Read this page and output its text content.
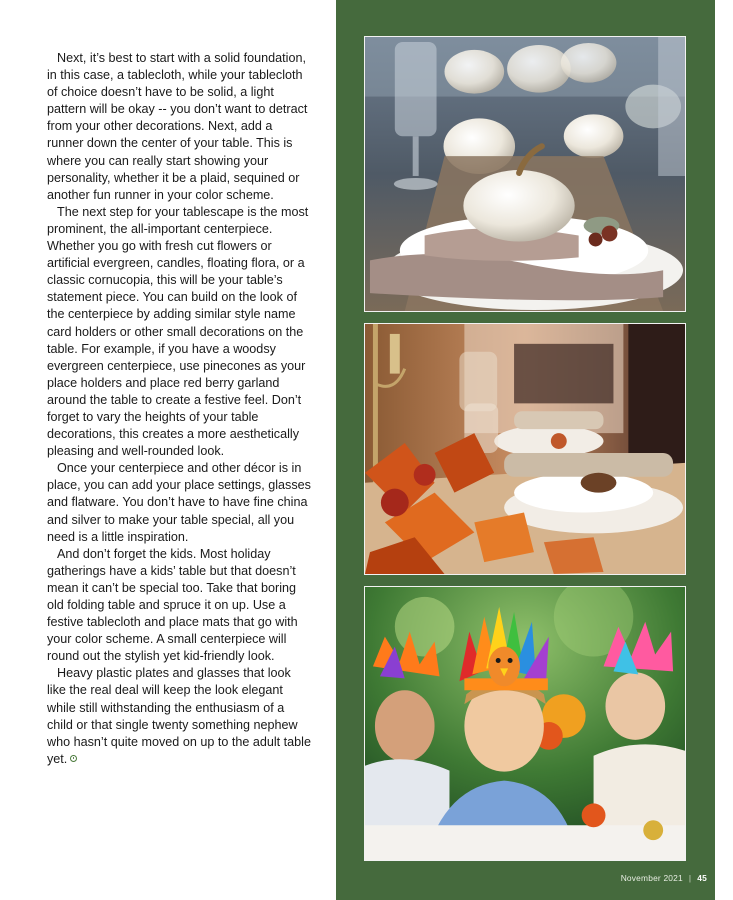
Next, it’s best to start with a solid foundation, in this case, a tablecloth, while your tablecloth of choice doesn’t have to be solid, a light pattern will be okay -- you don’t want to detract from your other decorations. Next, add a runner down the center of your table. This is where you can really start showing your personality, whether it be a plaid, sequined or another fun runner in your color scheme.

The next step for your tablescape is the most prominent, the all-important centerpiece. Whether you go with fresh cut flowers or artificial evergreen, candles, floating flora, or a classic cornucopia, this will be your table’s statement piece. You can build on the look of the centerpiece by adding similar style name card holders or other small decorations on the table. For example, if you have a woodsy evergreen centerpiece, use pinecones as your place holders and place red berry garland around the table to create a festive feel. Don’t forget to vary the heights of your table decorations, this creates a more aesthetically pleasing and well-rounded look.

Once your centerpiece and other décor is in place, you can add your place settings, glasses and flatware. You don’t have to have fine china and silver to make your table special, all you need is a little inspiration.

And don’t forget the kids. Most holiday gatherings have a kids’ table but that doesn’t mean it can’t be special too. Take that boring old folding table and spruce it on up. Use a festive tablecloth and place mats that go with your color scheme. A small centerpiece will round out the stylish yet kid-friendly look.

Heavy plastic plates and glasses that look like the real deal will keep the look elegant while still withstanding the enthusiasm of a child or that single twenty something nephew who hasn’t quite moved on up to the adult table yet.

November 2021 | 45
